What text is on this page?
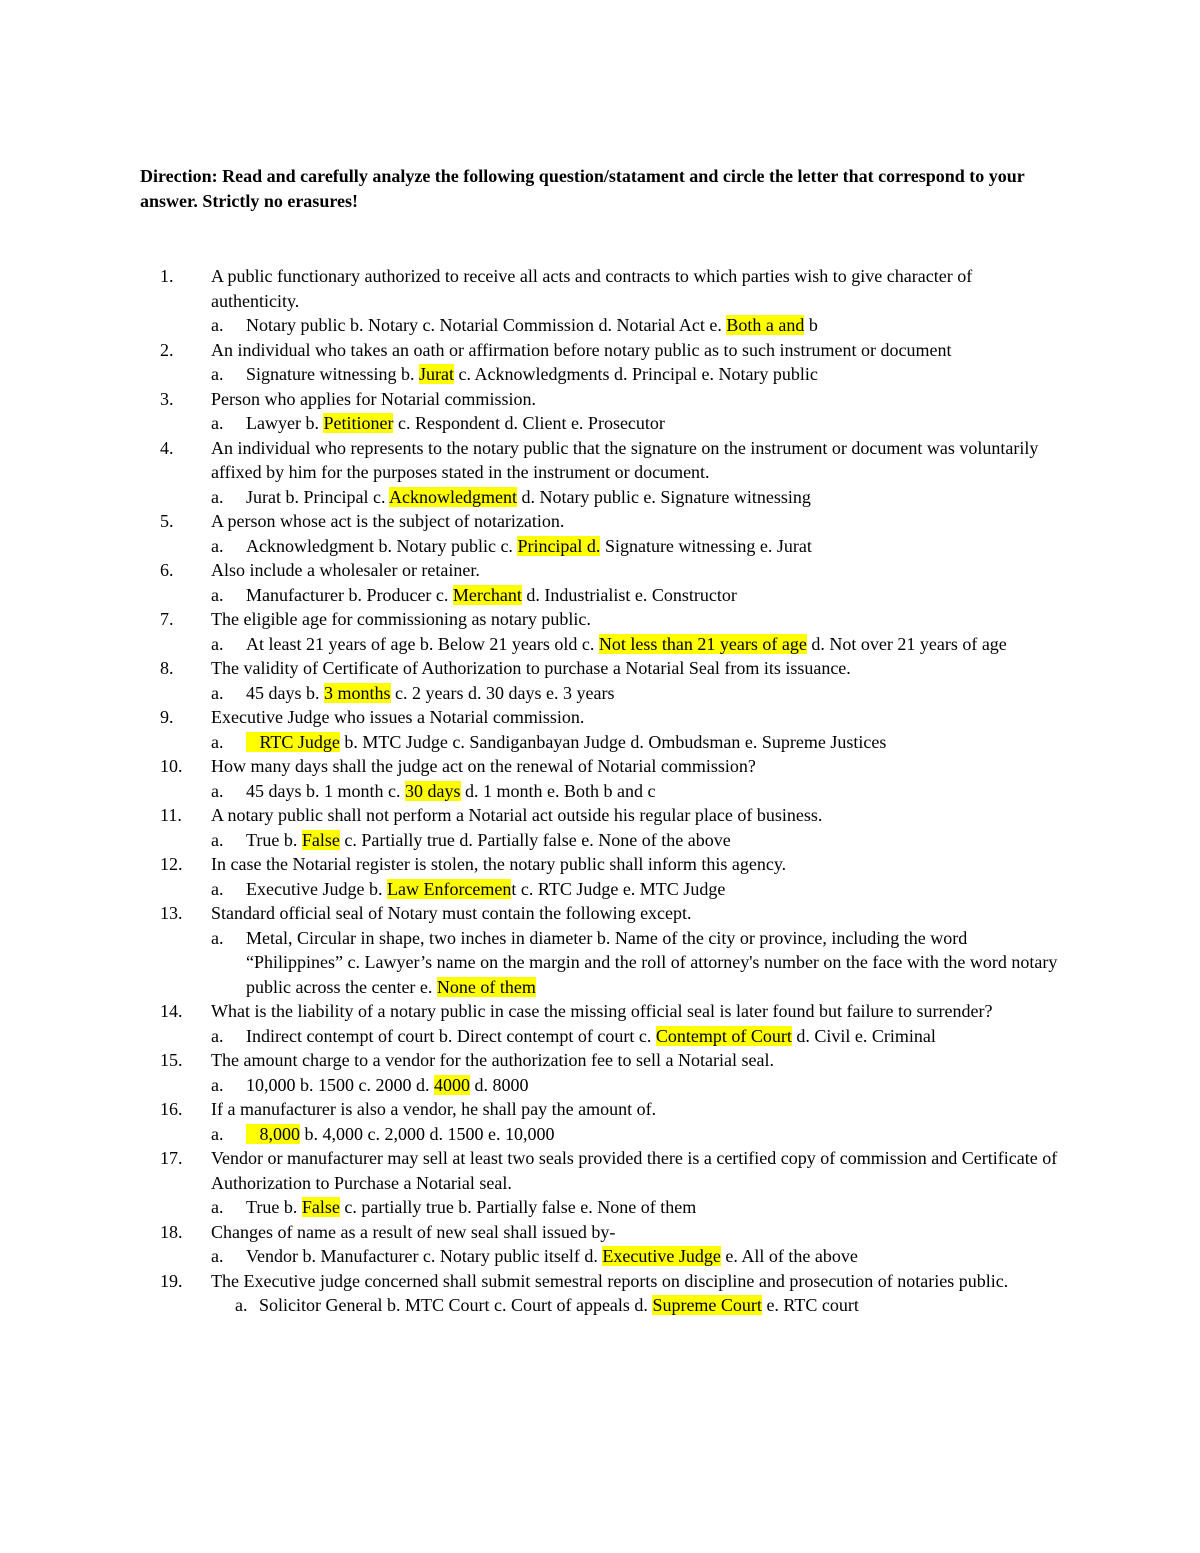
Direction: Read and carefully analyze the following question/statament and circle the letter that correspond to your answer. Strictly no erasures!
1.	A public functionary authorized to receive all acts and contracts to which parties wish to give character of authenticity.
a.	Notary public b. Notary c. Notarial Commission d. Notarial Act e. Both a and b
2.	An individual who takes an oath or affirmation before notary public as to such instrument or document
a.	Signature witnessing b. Jurat c. Acknowledgments d. Principal e. Notary public
3.	Person who applies for Notarial commission.
a.	Lawyer b. Petitioner c. Respondent d. Client e. Prosecutor
4.	An individual who represents to the notary public that the signature on the instrument or document was voluntarily affixed by him for the purposes stated in the instrument or document.
a.	Jurat b. Principal c. Acknowledgment d. Notary public e. Signature witnessing
5.	A person whose act is the subject of notarization.
a.	Acknowledgment b. Notary public c. Principal d. Signature witnessing e. Jurat
6.	Also include a wholesaler or retainer.
a.	Manufacturer b. Producer c. Merchant d. Industrialist e. Constructor
7.	The eligible age for commissioning as notary public.
a.	At least 21 years of age b. Below 21 years old c. Not less than 21 years of age d. Not over 21 years of age
8.	The validity of Certificate of Authorization to purchase a Notarial Seal from its issuance.
a.	45 days b. 3 months c. 2 years d. 30 days e. 3 years
9.	Executive Judge who issues a Notarial commission.
a.	RTC Judge b. MTC Judge c. Sandiganbayan Judge d. Ombudsman e. Supreme Justices
10.	How many days shall the judge act on the renewal of Notarial commission?
a.	45 days b. 1 month c. 30 days d. 1 month e. Both b and c
11.	A notary public shall not perform a Notarial act outside his regular place of business.
a.	True b. False c. Partially true d. Partially false e. None of the above
12.	In case the Notarial register is stolen, the notary public shall inform this agency.
a.	Executive Judge b. Law Enforcement c. RTC Judge e. MTC Judge
13.	Standard official seal of Notary must contain the following except.
a.	Metal, Circular in shape, two inches in diameter b. Name of the city or province, including the word “Philippines” c. Lawyer’s name on the margin and the roll of attorney's number on the face with the word notary public across the center e. None of them
14.	What is the liability of a notary public in case the missing official seal is later found but failure to surrender?
a.	Indirect contempt of court b. Direct contempt of court c. Contempt of Court d. Civil e. Criminal
15.	The amount charge to a vendor for the authorization fee to sell a Notarial seal.
a.	10,000 b. 1500 c. 2000 d. 4000 d. 8000
16.	If a manufacturer is also a vendor, he shall pay the amount of.
a.	8,000 b. 4,000 c. 2,000 d. 1500 e. 10,000
17.	Vendor or manufacturer may sell at least two seals provided there is a certified copy of commission and Certificate of Authorization to Purchase a Notarial seal.
a.	True b. False c. partially true b. Partially false e. None of them
18.	Changes of name as a result of new seal shall issued by-
a.	Vendor b. Manufacturer c. Notary public itself d. Executive Judge e. All of the above
19.	The Executive judge concerned shall submit semestral reports on discipline and prosecution of notaries public.
a. Solicitor General b. MTC Court c. Court of appeals d. Supreme Court e. RTC court
